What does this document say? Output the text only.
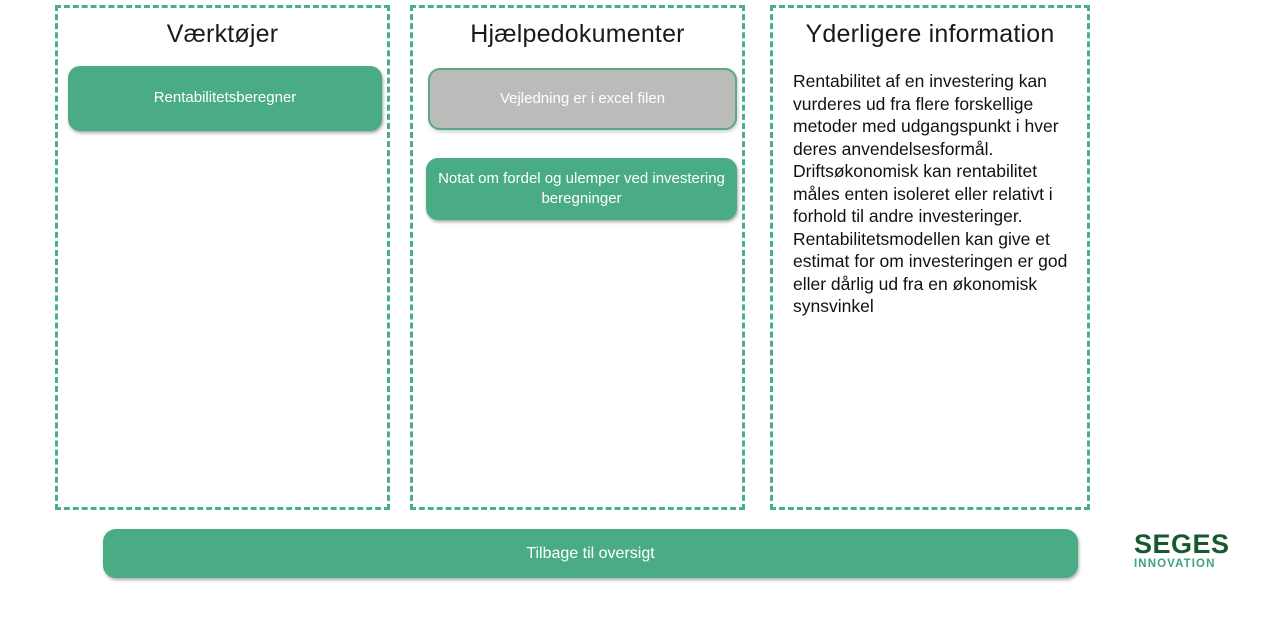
Værktøjer
Rentabilitetsberegner
Hjælpedokumenter
Vejledning er i excel filen
Notat om fordel og ulemper ved investering beregninger
Yderligere information
Rentabilitet af en investering kan vurderes ud fra flere forskellige metoder med udgangspunkt i hver deres anvendelsesformål. Driftsøkonomisk kan rentabilitet måles enten isoleret eller relativt i forhold til andre investeringer. Rentabilitetsmodellen kan give et estimat for om investeringen er god eller dårlig ud fra en økonomisk synsvinkel
Tilbage til oversigt	SEGES
INNOVATION
